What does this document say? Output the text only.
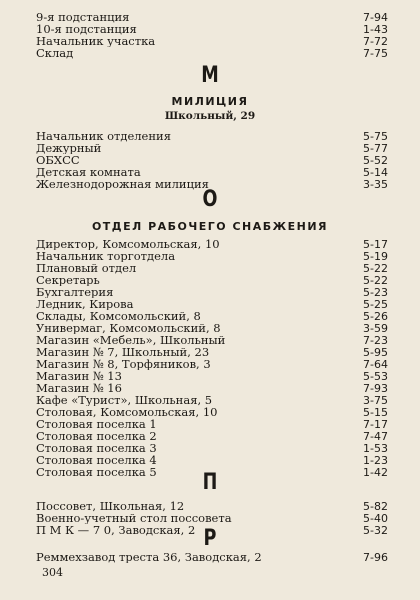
9-я подстанция	7-94
10-я подстанция	1-43
Начальник участка	7-72
Склад	7-75
М
МИЛИЦИЯ
Школьный, 29
Начальник отделения	5-75
Дежурный	5-77
ОБХСС	5-52
Детская комната	5-14
Железнодорожная милиция	3-35
О
ОТДЕЛ РАБОЧЕГО СНАБЖЕНИЯ
Директор, Комсомольская, 10	5-17
Начальник торготдела	5-19
Плановый отдел	5-22
Секретарь	5-22
Бухгалтерия	5-23
Ледник, Кирова	5-25
Склады, Комсомольский, 8	5-26
Универмаг, Комсомольский, 8	3-59
Магазин «Мебель», Школьный	7-23
Магазин № 7, Школьный, 23	5-95
Магазин № 8, Торфяников, 3	7-64
Магазин № 13	5-53
Магазин № 16	7-93
Кафе «Турист», Школьная, 5	3-75
Столовая, Комсомольская, 10	5-15
Столовая поселка 1	7-17
Столовая поселка 2	7-47
Столовая поселка 3	1-53
Столовая поселка 4	1-23
Столовая поселка 5	1-42
П
Поссовет, Школьная, 12	5-82
Военно-учетный стол поссовета	5-40
П М К — 7 0, Заводская, 2	5-32
Р
Реммехзавод треста 36, Заводская, 2	7-96
304
